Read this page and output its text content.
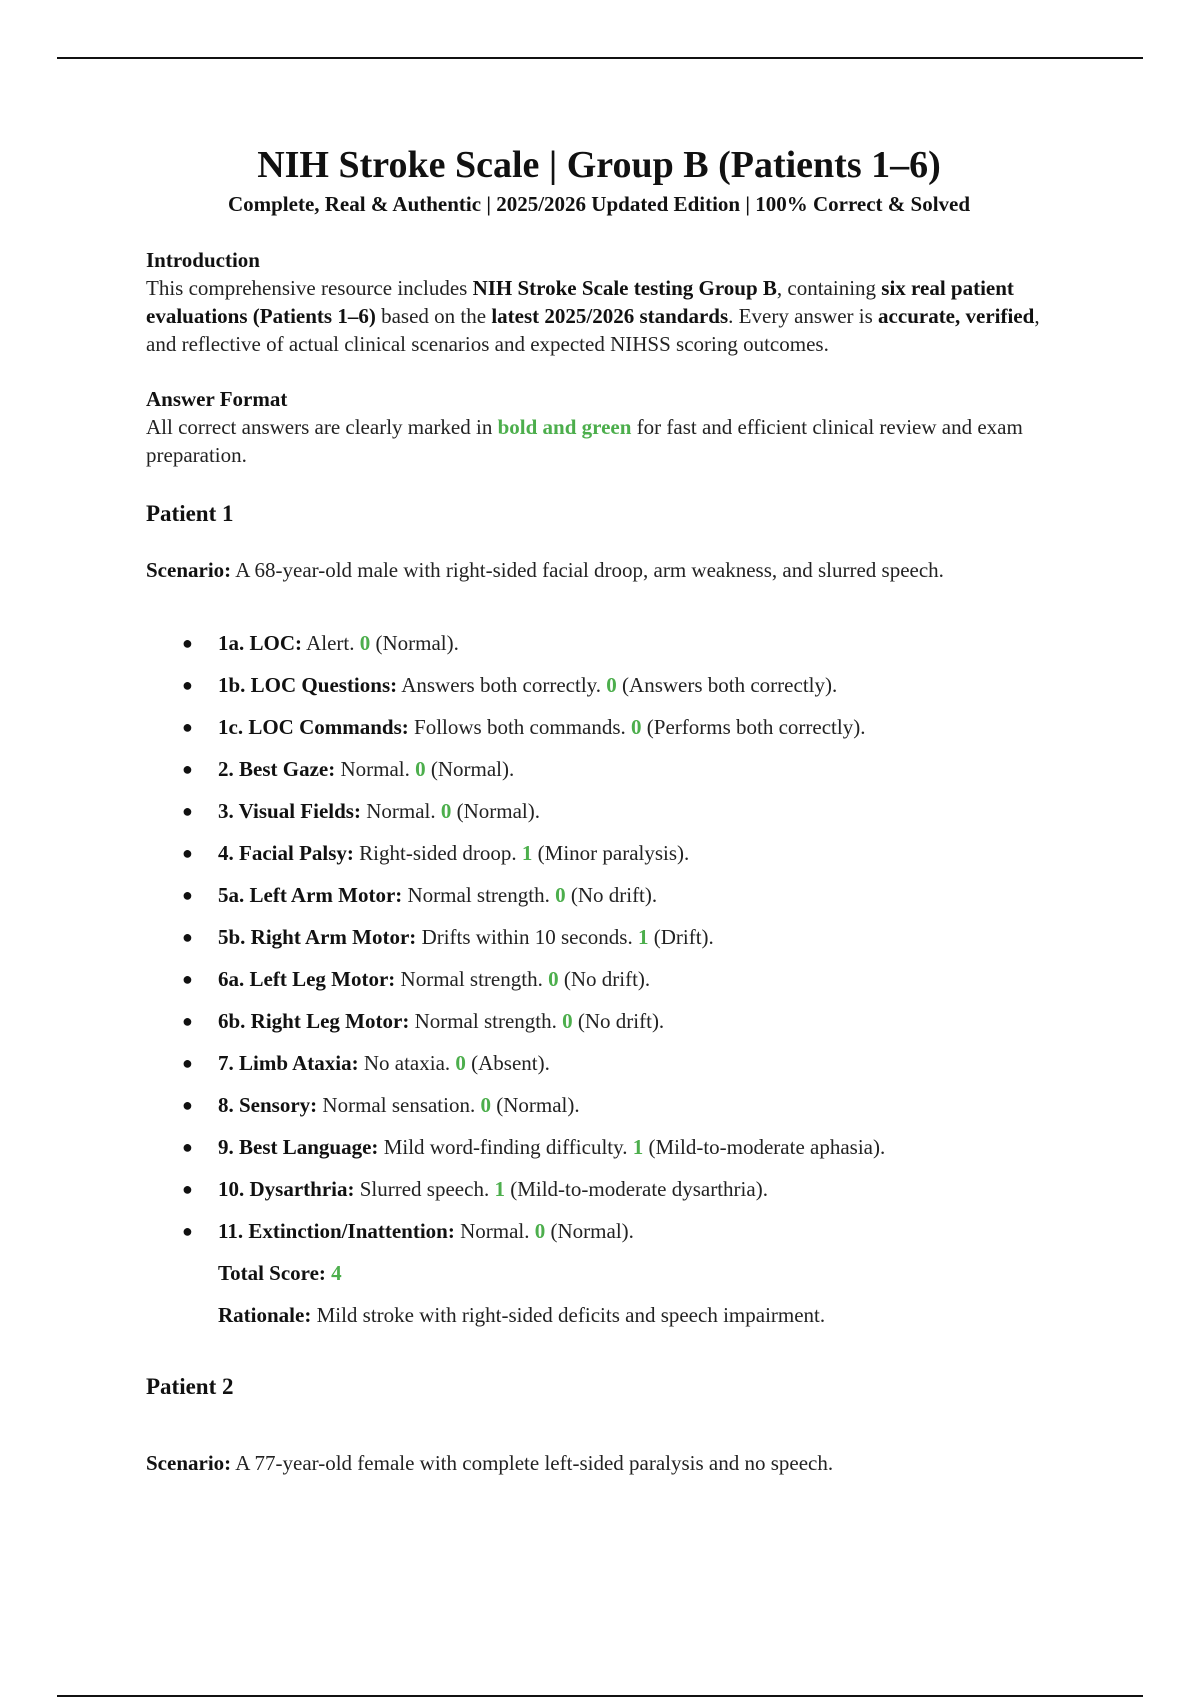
NIH Stroke Scale | Group B (Patients 1–6)

Complete, Real & Authentic | 2025/2026 Updated Edition | 100% Correct & Solved

Introduction

This comprehensive resource includes NIH Stroke Scale testing Group B, containing six real patient evaluations (Patients 1–6) based on the latest 2025/2026 standards. Every answer is accurate, verified, and reflective of actual clinical scenarios and expected NIHSS scoring outcomes.

Answer Format

All correct answers are clearly marked in bold and green for fast and efficient clinical review and exam preparation.

Patient 1

Scenario: A 68-year-old male with right-sided facial droop, arm weakness, and slurred speech.

● 1a. LOC: Alert. 0 (Normal).
● 1b. LOC Questions: Answers both correctly. 0 (Answers both correctly).
● 1c. LOC Commands: Follows both commands. 0 (Performs both correctly).
● 2. Best Gaze: Normal. 0 (Normal).
● 3. Visual Fields: Normal. 0 (Normal).
● 4. Facial Palsy: Right-sided droop. 1 (Minor paralysis).
● 5a. Left Arm Motor: Normal strength. 0 (No drift).
● 5b. Right Arm Motor: Drifts within 10 seconds. 1 (Drift).
● 6a. Left Leg Motor: Normal strength. 0 (No drift).
● 6b. Right Leg Motor: Normal strength. 0 (No drift).
● 7. Limb Ataxia: No ataxia. 0 (Absent).
● 8. Sensory: Normal sensation. 0 (Normal).
● 9. Best Language: Mild word-finding difficulty. 1 (Mild-to-moderate aphasia).
● 10. Dysarthria: Slurred speech. 1 (Mild-to-moderate dysarthria).
● 11. Extinction/Inattention: Normal. 0 (Normal).

Total Score: 4

Rationale: Mild stroke with right-sided deficits and speech impairment.

Patient 2

Scenario: A 77-year-old female with complete left-sided paralysis and no speech.
